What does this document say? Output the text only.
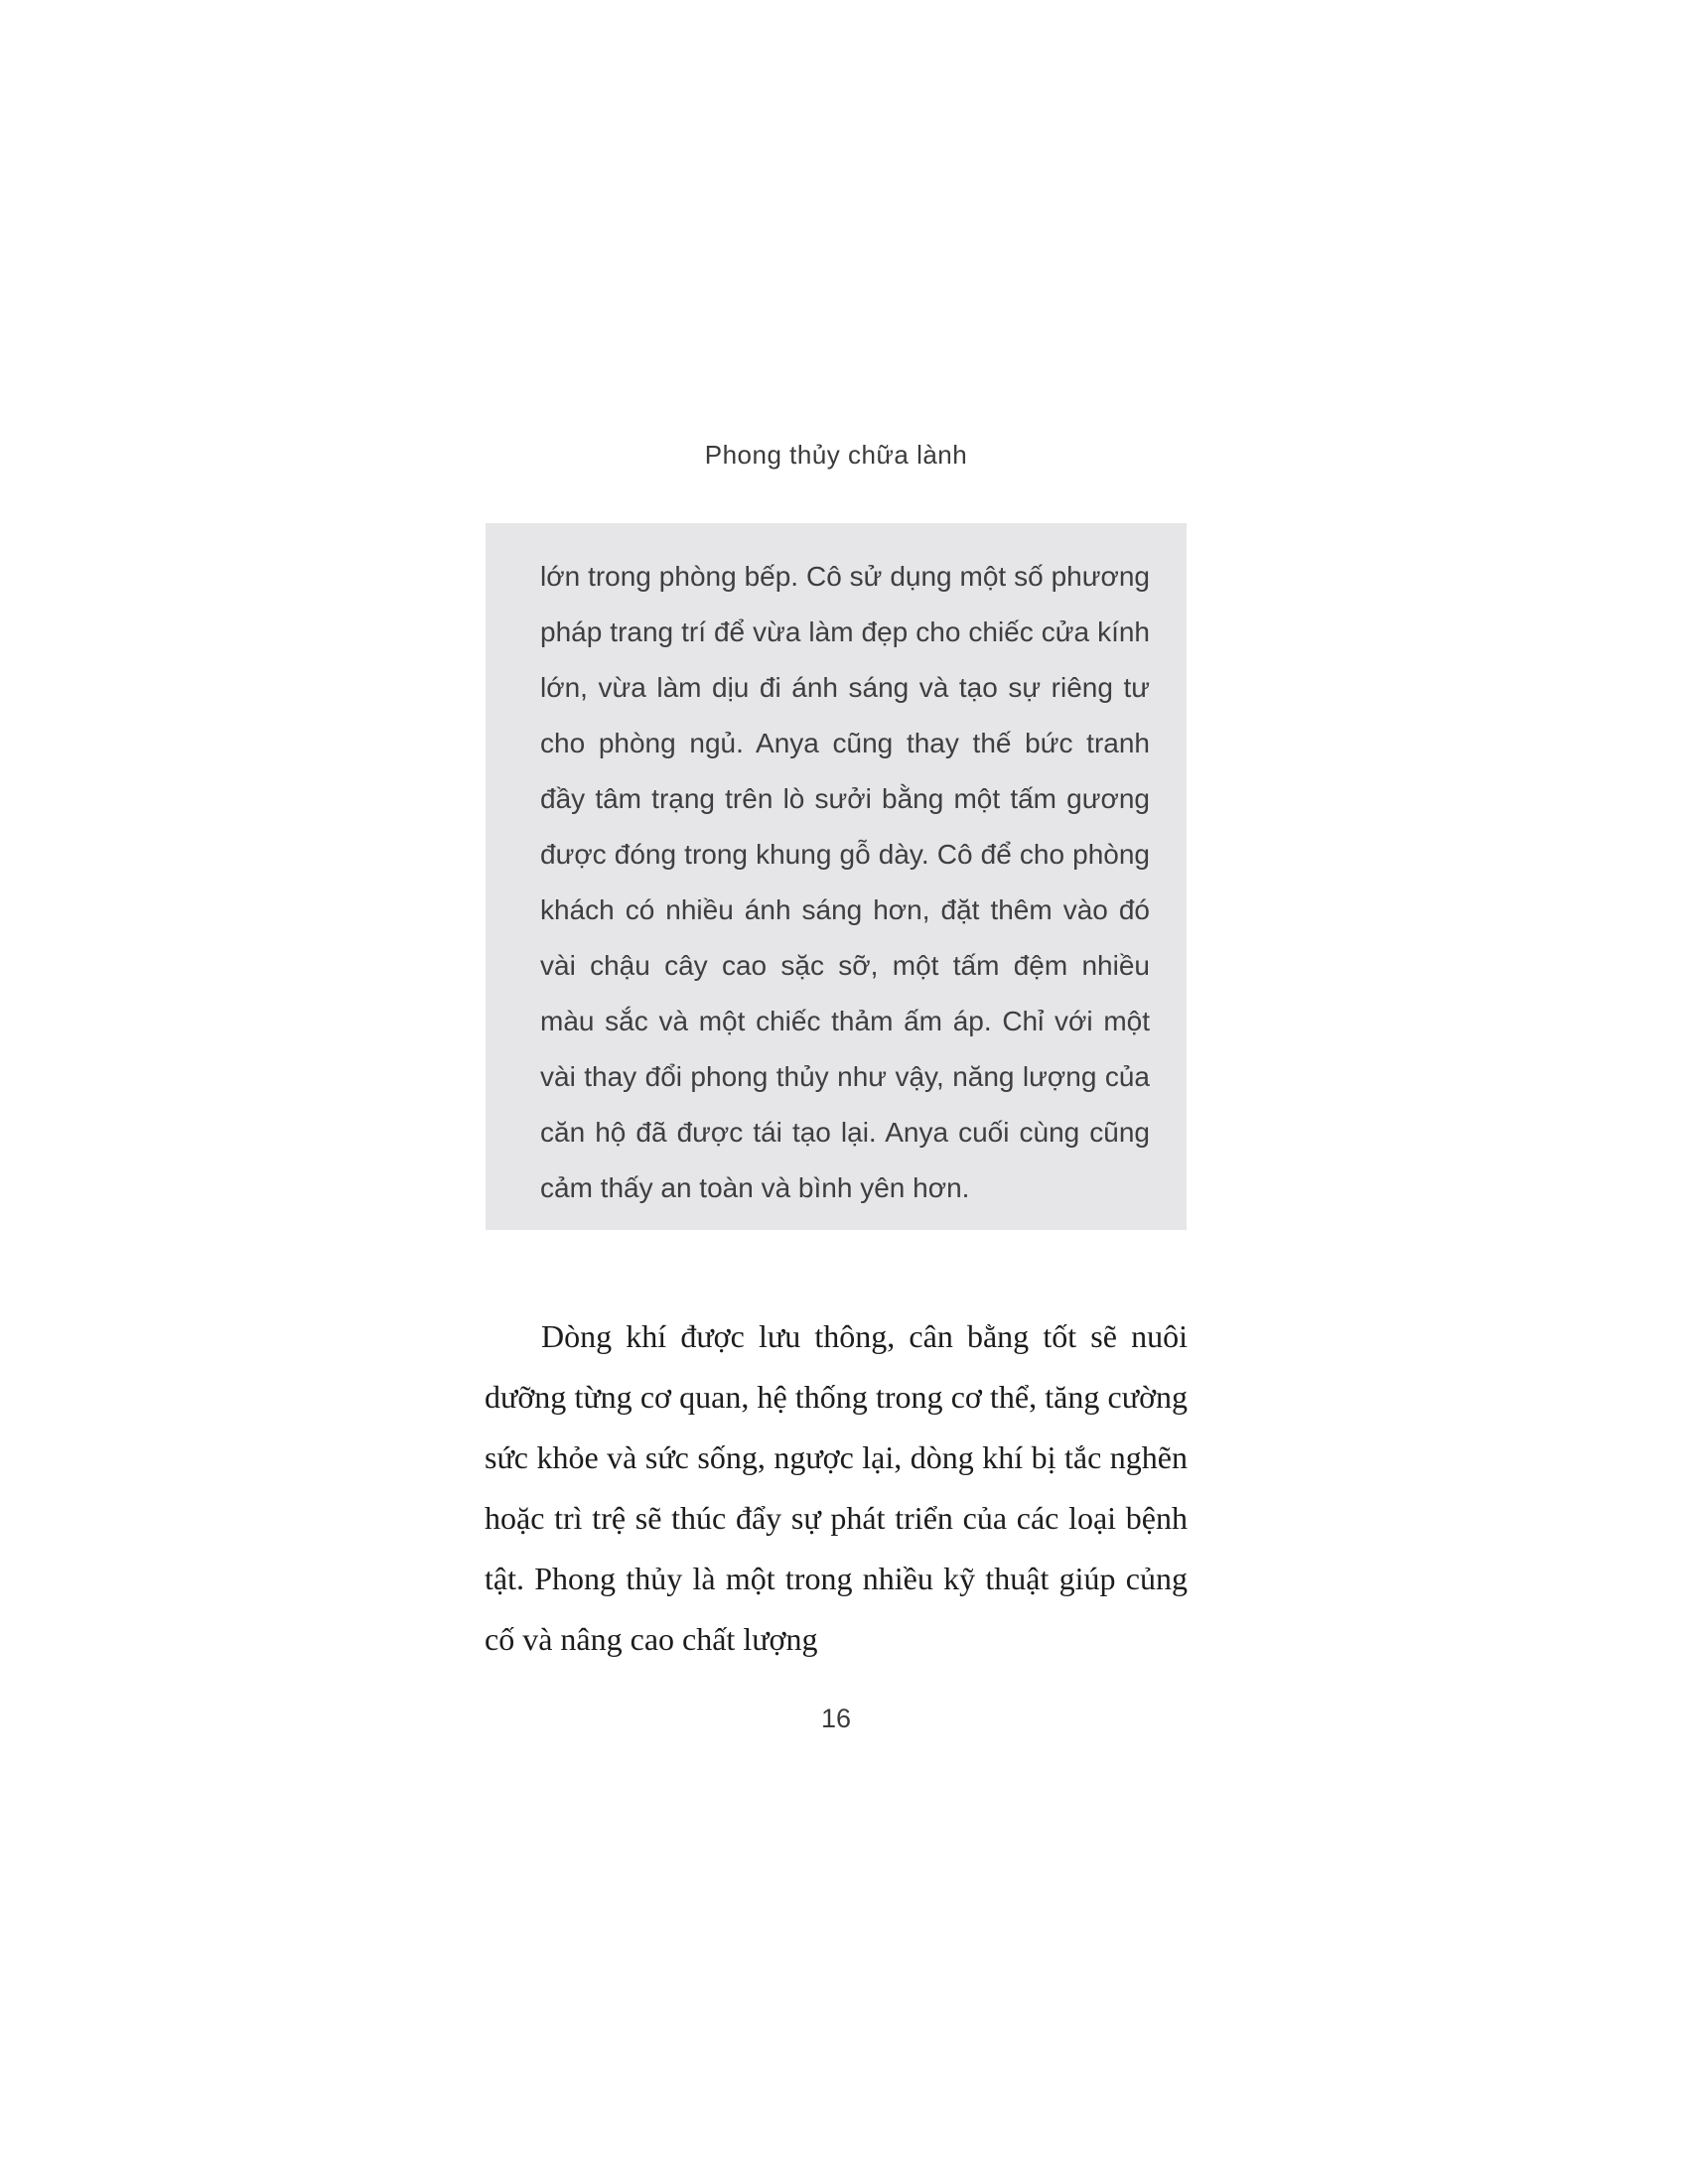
Phong thủy chữa lành

lớn trong phòng bếp. Cô sử dụng một số phương pháp trang trí để vừa làm đẹp cho chiếc cửa kính lớn, vừa làm dịu đi ánh sáng và tạo sự riêng tư cho phòng ngủ. Anya cũng thay thế bức tranh đầy tâm trạng trên lò sưởi bằng một tấm gương được đóng trong khung gỗ dày. Cô để cho phòng khách có nhiều ánh sáng hơn, đặt thêm vào đó vài chậu cây cao sặc sỡ, một tấm đệm nhiều màu sắc và một chiếc thảm ấm áp. Chỉ với một vài thay đổi phong thủy như vậy, năng lượng của căn hộ đã được tái tạo lại. Anya cuối cùng cũng cảm thấy an toàn và bình yên hơn.

Dòng khí được lưu thông, cân bằng tốt sẽ nuôi dưỡng từng cơ quan, hệ thống trong cơ thể, tăng cường sức khỏe và sức sống, ngược lại, dòng khí bị tắc nghẽn hoặc trì trệ sẽ thúc đẩy sự phát triển của các loại bệnh tật. Phong thủy là một trong nhiều kỹ thuật giúp củng cố và nâng cao chất lượng

16
